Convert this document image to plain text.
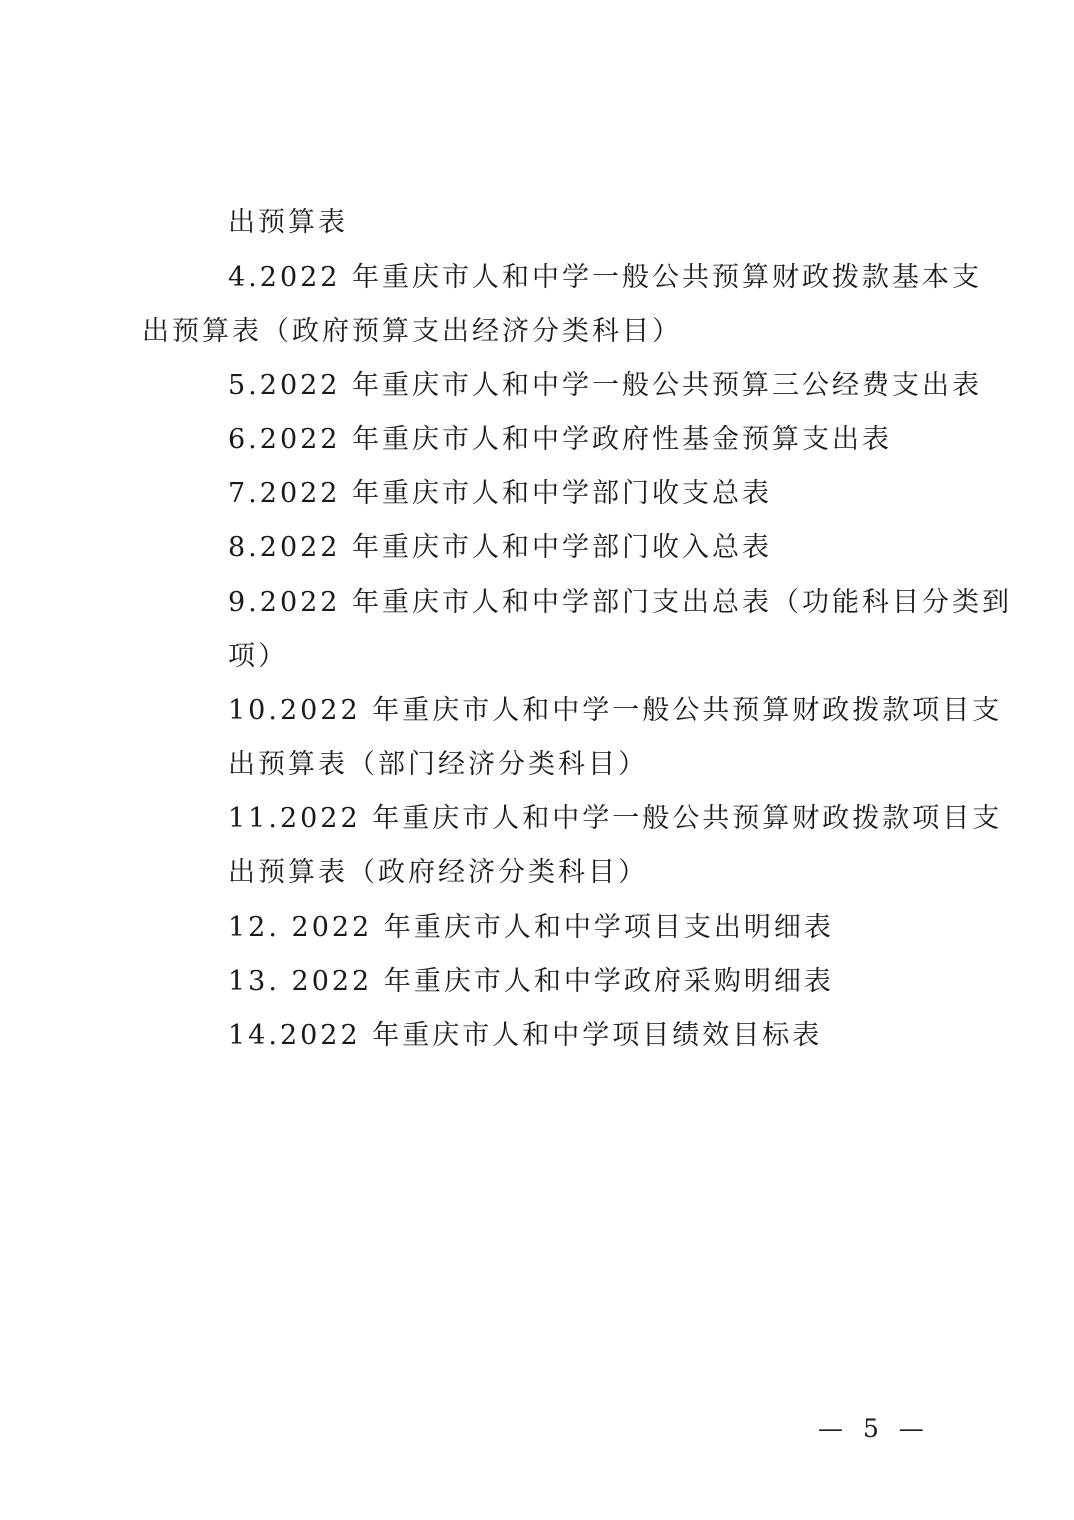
出预算表
4.2022 年重庆市人和中学一般公共预算财政拨款基本支
出预算表（政府预算支出经济分类科目）
5.2022 年重庆市人和中学一般公共预算三公经费支出表
6.2022 年重庆市人和中学政府性基金预算支出表
7.2022 年重庆市人和中学部门收支总表
8.2022 年重庆市人和中学部门收入总表
9.2022 年重庆市人和中学部门支出总表（功能科目分类到
项）
10.2022 年重庆市人和中学一般公共预算财政拨款项目支
出预算表（部门经济分类科目）
11.2022 年重庆市人和中学一般公共预算财政拨款项目支
出预算表（政府经济分类科目）
12. 2022 年重庆市人和中学项目支出明细表
13. 2022 年重庆市人和中学政府采购明细表
14.2022 年重庆市人和中学项目绩效目标表
— 5 —
